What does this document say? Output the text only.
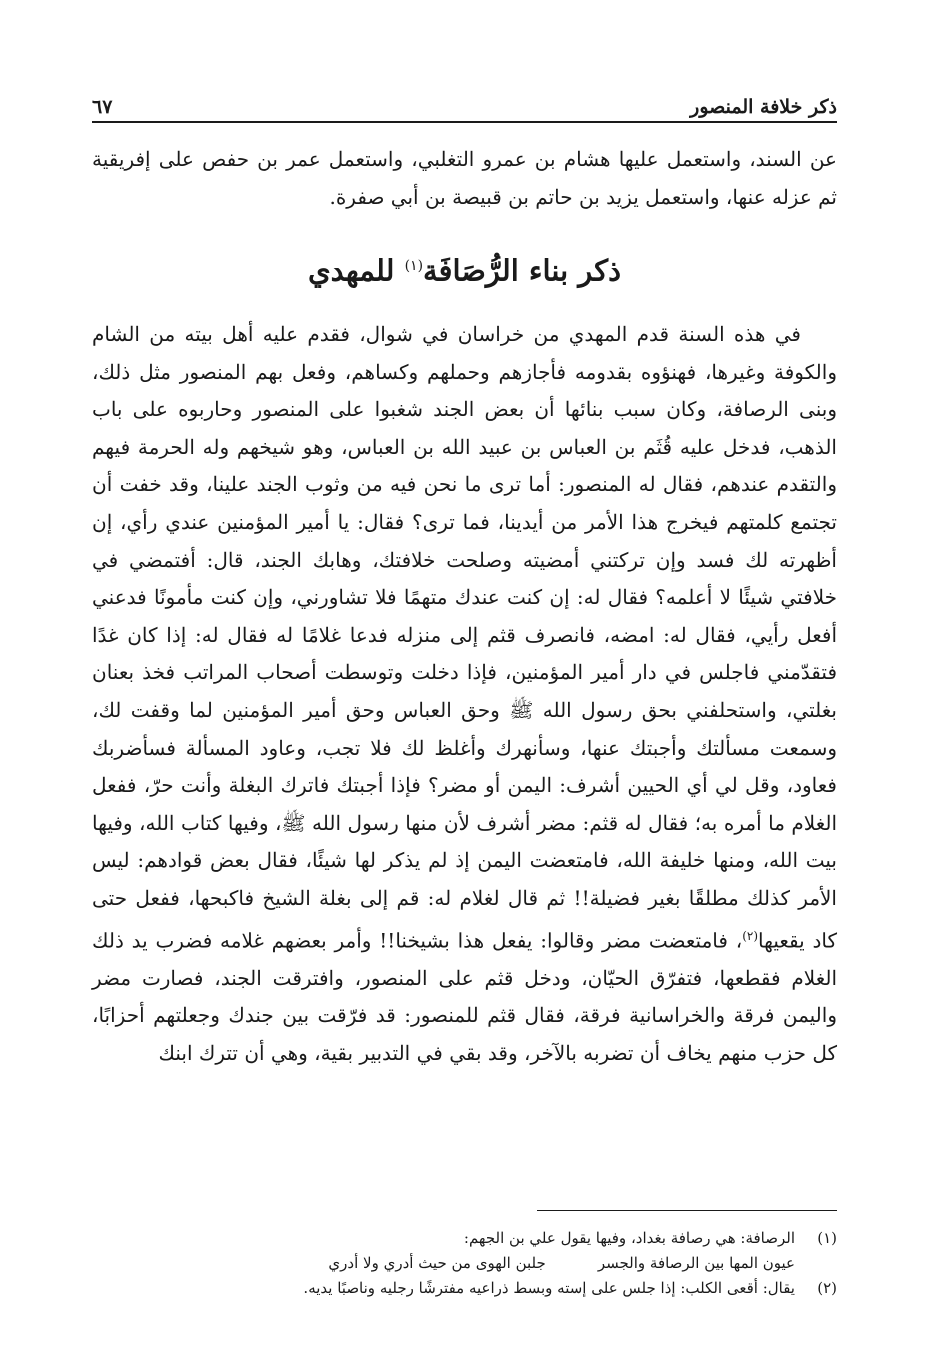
ذكر خلافة المنصور
٦٧
عن السند، واستعمل عليها هشام بن عمرو التغلبي، واستعمل عمر بن حفص على إفريقية ثم عزله عنها، واستعمل يزيد بن حاتم بن قبيصة بن أبي صفرة.
ذكر بناء الرُّصَافَة$^{(١)}$ للمهدي

في هذه السنة قدم المهدي من خراسان في شوال، فقدم عليه أهل بيته من الشام والكوفة وغيرها، فهنؤوه بقدومه فأجازهم وحملهم وكساهم، وفعل بهم المنصور مثل ذلك، وبنى الرصافة، وكان سبب بنائها أن بعض الجند شغبوا على المنصور وحاربوه على باب الذهب، فدخل عليه قُثَم بن العباس بن عبيد الله بن العباس، وهو شيخهم وله الحرمة فيهم والتقدم عندهم، فقال له المنصور: أما ترى ما نحن فيه من وثوب الجند علينا، وقد خفت أن تجتمع كلمتهم فيخرج هذا الأمر من أيدينا، فما ترى؟ فقال: يا أمير المؤمنين عندي رأي، إن أظهرته لك فسد وإن تركتني أمضيته وصلحت خلافتك، وهابك الجند، قال: أفتمضي في خلافتي شيئًا لا أعلمه؟ فقال له: إن كنت عندك متهمًا فلا تشاورني، وإن كنت مأمونًا فدعني أفعل رأيي، فقال له: امضه، فانصرف قثم إلى منزله فدعا غلامًا له فقال له: إذا كان غدًا فتقدّمني فاجلس في دار أمير المؤمنين، فإذا دخلت وتوسطت أصحاب المراتب فخذ بعنان بغلتي، واستحلفني بحق رسول الله ﷺ وحق العباس وحق أمير المؤمنين لما وقفت لك، وسمعت مسألتك وأجبتك عنها، وسأنهرك وأغلظ لك فلا تجب، وعاود المسألة فسأضربك فعاود، وقل لي أي الحيين أشرف: اليمن أو مضر؟ فإذا أجبتك فاترك البغلة وأنت حرّ، ففعل الغلام ما أمره به؛ فقال له قثم: مضر أشرف لأن منها رسول الله ﷺ، وفيها كتاب الله، وفيها بيت الله، ومنها خليفة الله، فامتعضت اليمن إذ لم يذكر لها شيئًا، فقال بعض قوادهم: ليس الأمر كذلك مطلقًا بغير فضيلة!! ثم قال لغلام له: قم إلى بغلة الشيخ فاكبحها، ففعل حتى كاد يقعيها$^{(٢)}$، فامتعضت مضر وقالوا: يفعل هذا بشيخنا!! وأمر بعضهم غلامه فضرب يد ذلك الغلام فقطعها، فتفرّق الحيّان، ودخل قثم على المنصور، وافترقت الجند، فصارت مضر واليمن فرقة والخراسانية فرقة، فقال قثم للمنصور: قد فرّقت بين جندك وجعلتهم أحزابًا، كل حزب منهم يخاف أن تضربه بالآخر، وقد بقي في التدبير بقية، وهي أن تترك ابنك

(١)
الرصافة: هي رصافة بغداد، وفيها يقول علي بن الجهم:
عيون المها بين الرصافة والجسر
جلبن الهوى من حيث أدري ولا أدري
(٢)
يقال: أقعى الكلب: إذا جلس على إسته وبسط ذراعيه مفترشًا رجليه وناصبًا يديه.
